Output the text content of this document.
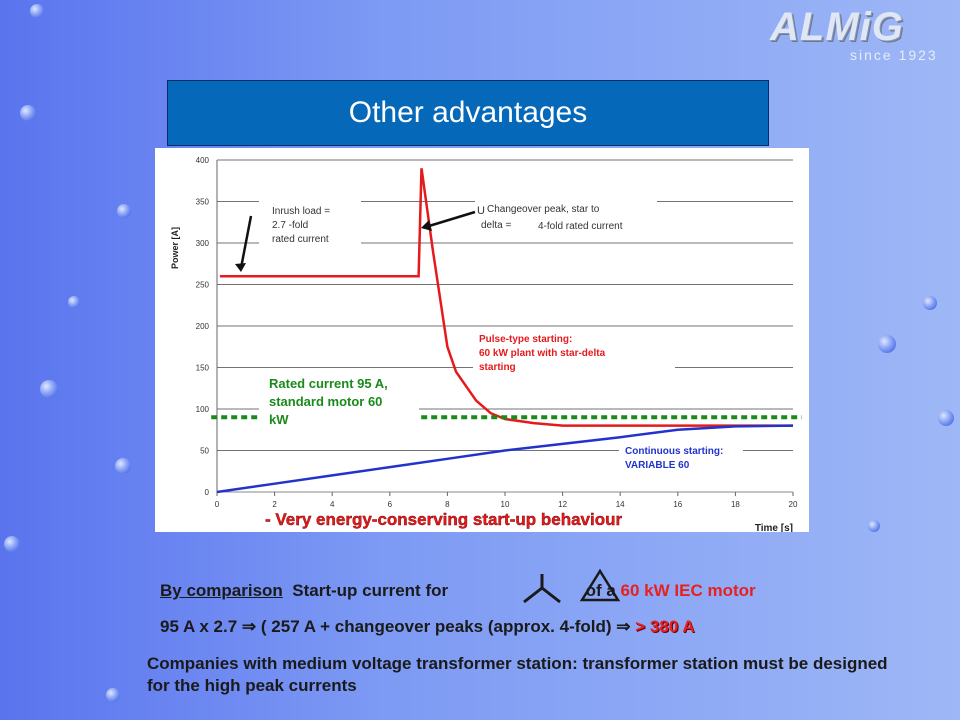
ALMiG
since 1923
Other advantages
0
50
100
150
200
250
300
350
400
0	2	4	6	8	10	12	14	16	18	20
Power [A]
Time [s]
Inrush load =
2.7 -fold
rated current
U Changeover peak, star to
delta =	4-fold rated current
Pulse-type starting:
60 kW plant with star-delta
starting
Rated current 95 A,
standard motor 60
kW
Continuous starting:
VARIABLE 60
- Very energy-conserving start-up behaviour
By comparison Start-up current for	of a 60 kW IEC motor
95 A x 2.7 ⇒ ( 257 A + changeover peaks (approx. 4-fold) ⇒ > 380 A
Companies with medium voltage transformer station: transformer station must be designed for the high peak currents
